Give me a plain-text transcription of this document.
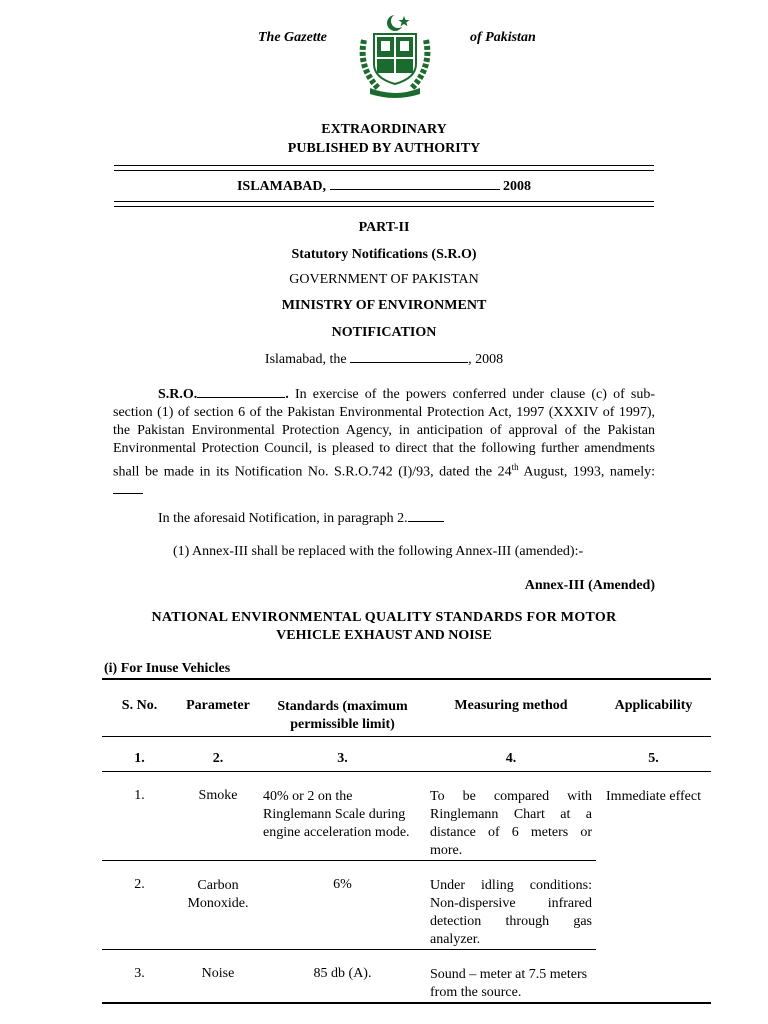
The Gazette	of Pakistan
EXTRAORDINARY
PUBLISHED BY AUTHORITY
ISLAMABAD,	2008
PART-II
Statutory Notifications (S.R.O)
GOVERNMENT OF PAKISTAN
MINISTRY OF ENVIRONMENT
NOTIFICATION
Islamabad, the	, 2008
S.R.O.	. In exercise of the powers conferred under clause (c) of sub-section (1) of section 6 of the Pakistan Environmental Protection Act, 1997 (XXXIV of 1997), the Pakistan Environmental Protection Agency, in anticipation of approval of the Pakistan Environmental Protection Council, is pleased to direct that the following further amendments shall be made in its Notification No. S.R.O.742 (I)/93, dated the 24th August, 1993, namely:
In the aforesaid Notification, in paragraph 2.
(1) Annex-III shall be replaced with the following Annex-III (amended):-
Annex-III (Amended)
NATIONAL ENVIRONMENTAL QUALITY STANDARDS FOR MOTOR
VEHICLE EXHAUST AND NOISE
(i) For Inuse Vehicles
S. No.	Parameter	Standards (maximum permissible limit)	Measuring method	Applicability
1.	2.	3.	4.	5.
1.	Smoke	40% or 2 on the Ringlemann Scale during engine acceleration mode.	To be compared with Ringlemann Chart at a distance of 6 meters or more.	Immediate effect
2.	Carbon Monoxide.	6%	Under idling conditions: Non-dispersive infrared detection through gas analyzer.	
3.	Noise	85 db (A).	Sound – meter at 7.5 meters from the source.	
